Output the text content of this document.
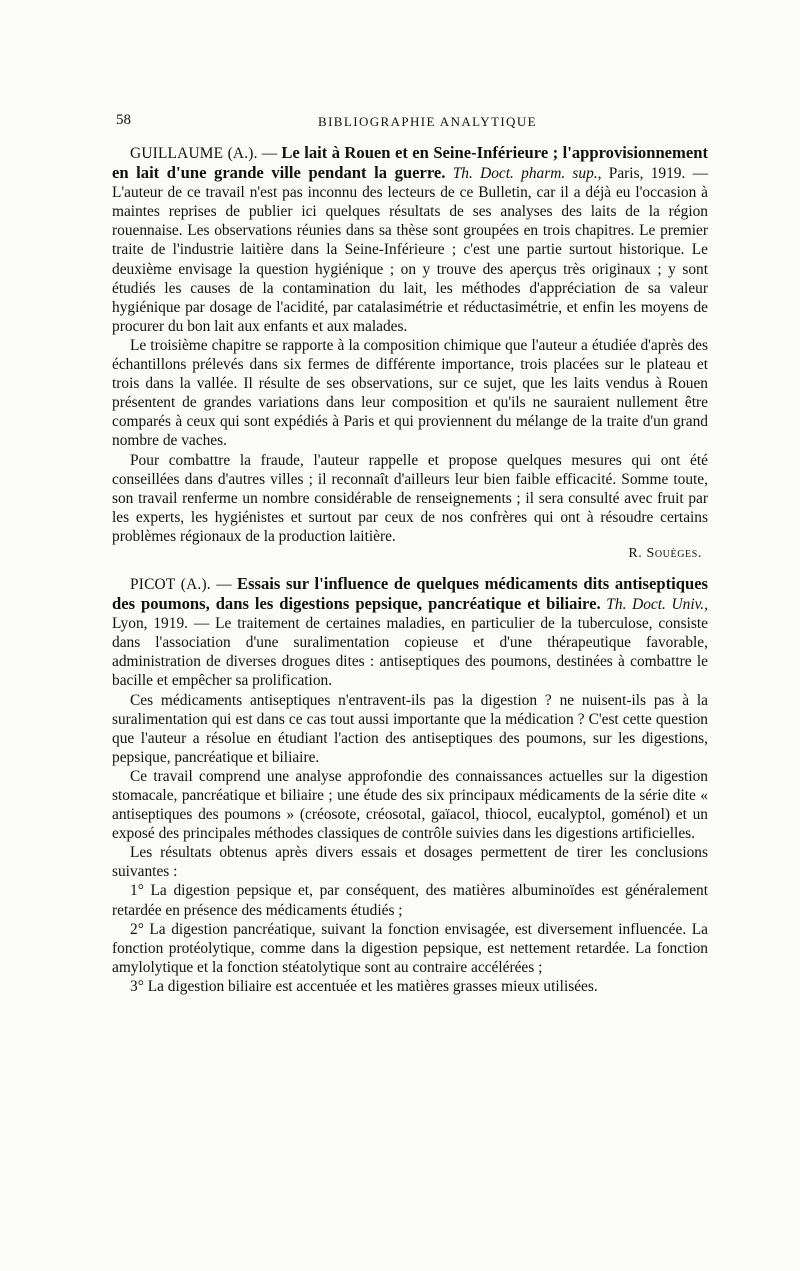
58	BIBLIOGRAPHIE ANALYTIQUE

GUILLAUME (A.). — Le lait à Rouen et en Seine-Inférieure ; l'approvisionnement en lait d'une grande ville pendant la guerre. Th. Doct. pharm. sup., Paris, 1919. — L'auteur de ce travail n'est pas inconnu des lecteurs de ce Bulletin, car il a déjà eu l'occasion à maintes reprises de publier ici quelques résultats de ses analyses des laits de la région rouennaise. Les observations réunies dans sa thèse sont groupées en trois chapitres. Le premier traite de l'industrie laitière dans la Seine-Inférieure ; c'est une partie surtout historique. Le deuxième envisage la question hygiénique ; on y trouve des aperçus très originaux ; y sont étudiés les causes de la contamination du lait, les méthodes d'appréciation de sa valeur hygiénique par dosage de l'acidité, par catalasimétrie et réductasimétrie, et enfin les moyens de procurer du bon lait aux enfants et aux malades.

Le troisième chapitre se rapporte à la composition chimique que l'auteur a étudiée d'après des échantillons prélevés dans six fermes de différente importance, trois placées sur le plateau et trois dans la vallée. Il résulte de ses observations, sur ce sujet, que les laits vendus à Rouen présentent de grandes variations dans leur composition et qu'ils ne sauraient nullement être comparés à ceux qui sont expédiés à Paris et qui proviennent du mélange de la traite d'un grand nombre de vaches.

Pour combattre la fraude, l'auteur rappelle et propose quelques mesures qui ont été conseillées dans d'autres villes ; il reconnaît d'ailleurs leur bien faible efficacité. Somme toute, son travail renferme un nombre considérable de renseignements ; il sera consulté avec fruit par les experts, les hygiénistes et surtout par ceux de nos confrères qui ont à résoudre certains problèmes régionaux de la production laitière.

R. Souèges.

PICOT (A.). — Essais sur l'influence de quelques médicaments dits antiseptiques des poumons, dans les digestions pepsique, pancréatique et biliaire. Th. Doct. Univ., Lyon, 1919. — Le traitement de certaines maladies, en particulier de la tuberculose, consiste dans l'association d'une suralimentation copieuse et d'une thérapeutique favorable, administration de diverses drogues dites : antiseptiques des poumons, destinées à combattre le bacille et empêcher sa prolification.

Ces médicaments antiseptiques n'entravent-ils pas la digestion ? ne nuisent-ils pas à la suralimentation qui est dans ce cas tout aussi importante que la médication ? C'est cette question que l'auteur a résolue en étudiant l'action des antiseptiques des poumons, sur les digestions, pepsique, pancréatique et biliaire.

Ce travail comprend une analyse approfondie des connaissances actuelles sur la digestion stomacale, pancréatique et biliaire ; une étude des six principaux médicaments de la série dite « antiseptiques des poumons » (créosote, créosotal, gaïacol, thiocol, eucalyptol, goménol) et un exposé des principales méthodes classiques de contrôle suivies dans les digestions artificielles.

Les résultats obtenus après divers essais et dosages permettent de tirer les conclusions suivantes :

1° La digestion pepsique et, par conséquent, des matières albuminoïdes est généralement retardée en présence des médicaments étudiés ;

2° La digestion pancréatique, suivant la fonction envisagée, est diversement influencée. La fonction protéolytique, comme dans la digestion pepsique, est nettement retardée. La fonction amylolytique et la fonction stéatolytique sont au contraire accélérées ;

3° La digestion biliaire est accentuée et les matières grasses mieux utilisées.
